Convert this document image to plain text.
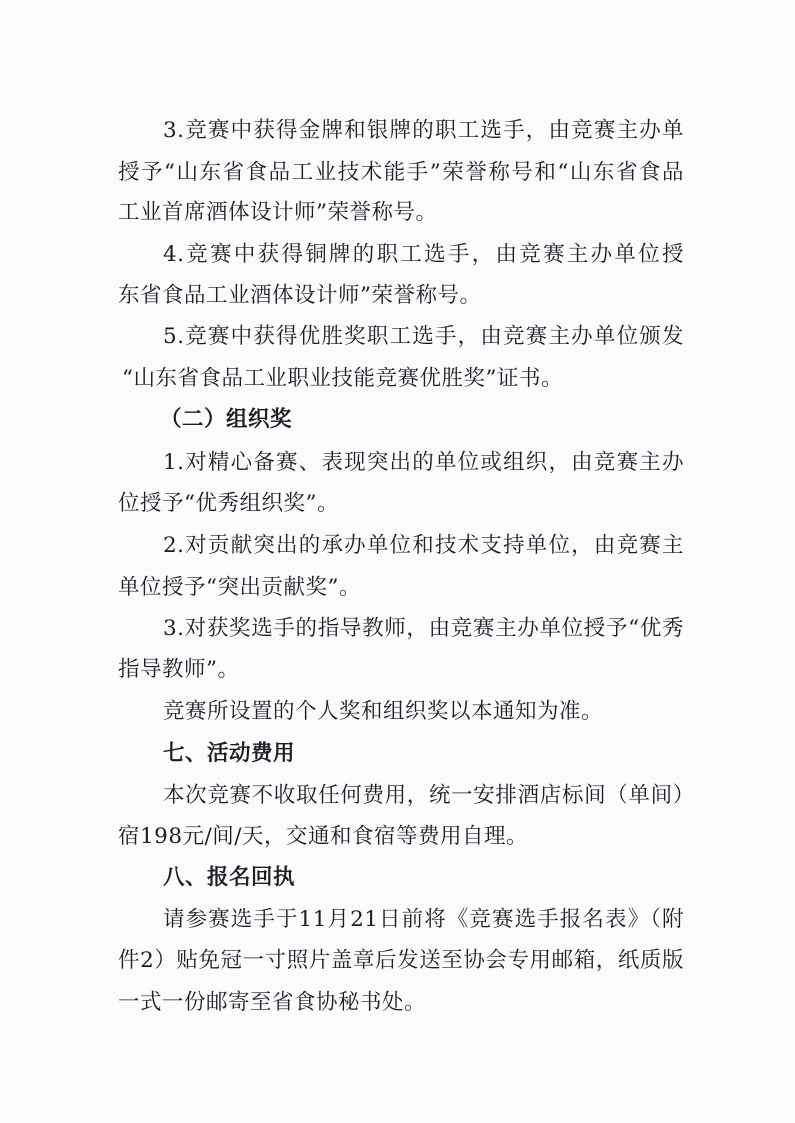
3.竞赛中获得金牌和银牌的职工选手，由竞赛主办单
授予“山东省食品工业技术能手”荣誉称号和“山东省食品
工业首席酒体设计师”荣誉称号。
4.竞赛中获得铜牌的职工选手，由竞赛主办单位授
东省食品工业酒体设计师”荣誉称号。
5.竞赛中获得优胜奖职工选手，由竞赛主办单位颁发
“山东省食品工业职业技能竞赛优胜奖”证书。
（二）组织奖
1.对精心备赛、表现突出的单位或组织，由竞赛主办
位授予“优秀组织奖”。
2.对贡献突出的承办单位和技术支持单位，由竞赛主
单位授予“突出贡献奖”。
3.对获奖选手的指导教师，由竞赛主办单位授予“优秀
指导教师”。
竞赛所设置的个人奖和组织奖以本通知为准。
七、活动费用
本次竞赛不收取任何费用，统一安排酒店标间（单间）
宿198元/间/天，交通和食宿等费用自理。
八、报名回执
请参赛选手于11月21日前将《竞赛选手报名表》（附
件2）贴免冠一寸照片盖章后发送至协会专用邮箱，纸质版
一式一份邮寄至省食协秘书处。
